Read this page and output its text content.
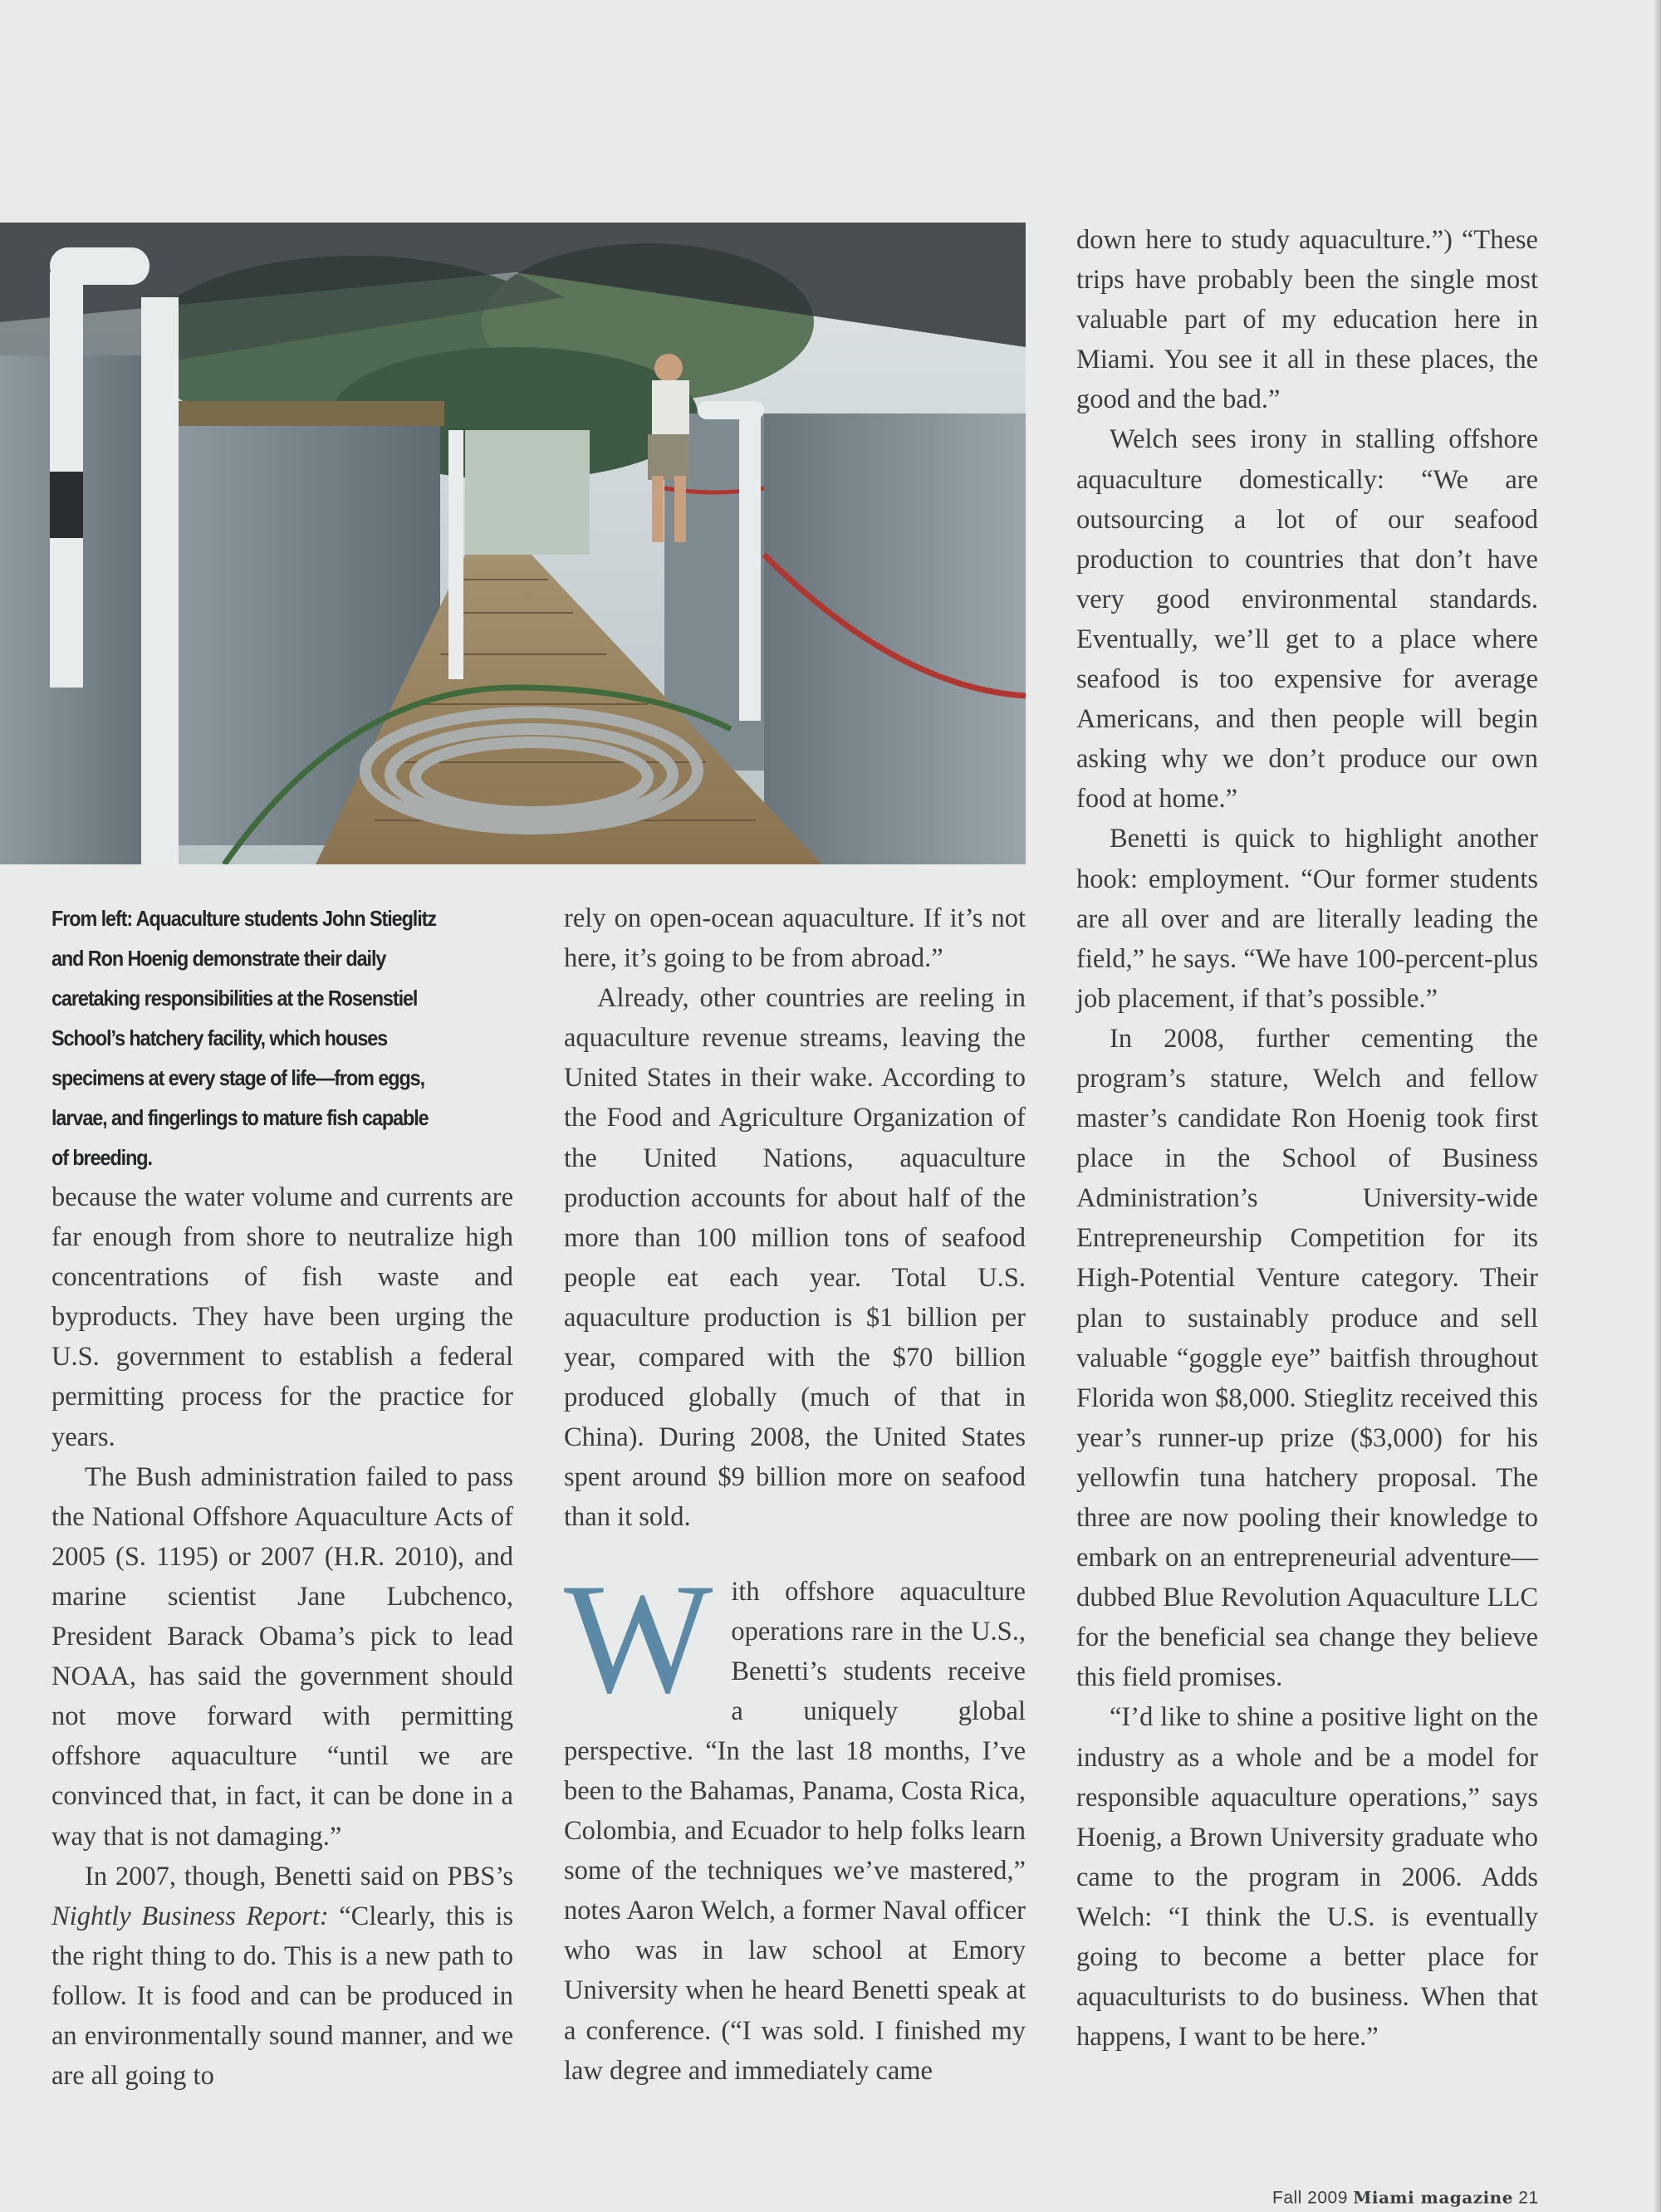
From left: Aquaculture students John Stieglitz and Ron Hoenig demonstrate their daily caretaking responsibilities at the Rosenstiel School’s hatchery facility, which houses specimens at every stage of life—from eggs, larvae, and fingerlings to mature fish capable of breeding.

because the water volume and currents are far enough from shore to neutralize high concentrations of fish waste and byproducts. They have been urging the U.S. government to establish a federal permitting process for the practice for years.

The Bush administration failed to pass the National Offshore Aquaculture Acts of 2005 (S. 1195) or 2007 (H.R. 2010), and marine scientist Jane Lubchenco, President Barack Obama’s pick to lead NOAA, has said the government should not move forward with permitting offshore aquaculture “until we are convinced that, in fact, it can be done in a way that is not damaging.”

In 2007, though, Benetti said on PBS’s Nightly Business Report: “Clearly, this is the right thing to do. This is a new path to follow. It is food and can be produced in an environmentally sound manner, and we are all going to

rely on open-ocean aquaculture. If it’s not here, it’s going to be from abroad.”

Already, other countries are reeling in aquaculture revenue streams, leaving the United States in their wake. According to the Food and Agriculture Organization of the United Nations, aquaculture production accounts for about half of the more than 100 million tons of seafood people eat each year. Total U.S. aquaculture production is $1 billion per year, compared with the $70 billion produced globally (much of that in China). During 2008, the United States spent around $9 billion more on seafood than it sold.

W ith offshore aquaculture operations rare in the U.S., Benetti’s students receive a uniquely global perspective. “In the last 18 months, I’ve been to the Bahamas, Panama, Costa Rica, Colombia, and Ecuador to help folks learn some of the techniques we’ve mastered,” notes Aaron Welch, a former Naval officer who was in law school at Emory University when he heard Benetti speak at a conference. (“I was sold. I finished my law degree and immediately came

down here to study aquaculture.”) “These trips have probably been the single most valuable part of my education here in Miami. You see it all in these places, the good and the bad.”

Welch sees irony in stalling offshore aquaculture domestically: “We are outsourcing a lot of our seafood production to countries that don’t have very good environmental standards. Eventually, we’ll get to a place where seafood is too expensive for average Americans, and then people will begin asking why we don’t produce our own food at home.”

Benetti is quick to highlight another hook: employment. “Our former students are all over and are literally leading the field,” he says. “We have 100-percent-plus job placement, if that’s possible.”

In 2008, further cementing the program’s stature, Welch and fellow master’s candidate Ron Hoenig took first place in the School of Business Administration’s University-wide Entrepreneurship Competition for its High-Potential Venture category. Their plan to sustainably produce and sell valuable “goggle eye” baitfish throughout Florida won $8,000. Stieglitz received this year’s runner-up prize ($3,000) for his yellowfin tuna hatchery proposal. The three are now pooling their knowledge to embark on an entrepreneurial adventure—dubbed Blue Revolution Aquaculture LLC for the beneficial sea change they believe this field promises.

“I’d like to shine a positive light on the industry as a whole and be a model for responsible aquaculture operations,” says Hoenig, a Brown University graduate who came to the program in 2006. Adds Welch: “I think the U.S. is eventually going to become a better place for aquaculturists to do business. When that happens, I want to be here.”

Fall 2009 Miami magazine 21
